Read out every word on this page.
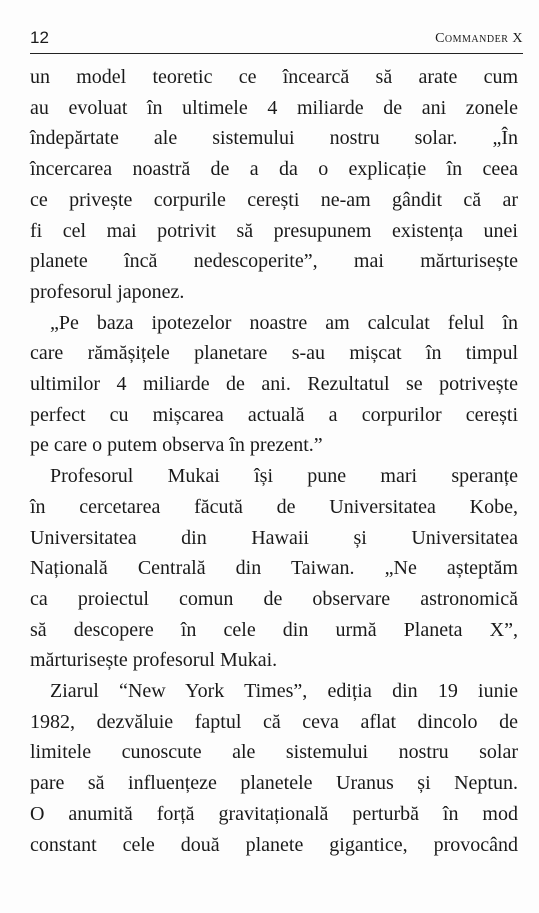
12	Commander X

un model teoretic ce încearcă să arate cum
au evoluat în ultimele 4 miliarde de ani zonele
îndepărtate ale sistemului nostru solar. „În
încercarea noastră de a da o explicație în ceea
ce privește corpurile cerești ne-am gândit că ar
fi cel mai potrivit să presupunem existența unei
planete încă nedescoperite”, mai mărturisește
profesorul japonez.

„Pe baza ipotezelor noastre am calculat felul în
care rămășițele planetare s-au mișcat în timpul
ultimilor 4 miliarde de ani. Rezultatul se potrivește
perfect cu mișcarea actuală a corpurilor cerești
pe care o putem observa în prezent.”

Profesorul Mukai își pune mari speranțe
în cercetarea făcută de Universitatea Kobe,
Universitatea din Hawaii și Universitatea
Națională Centrală din Taiwan. „Ne așteptăm
ca proiectul comun de observare astronomică
să descopere în cele din urmă Planeta X”,
mărturisește profesorul Mukai.

Ziarul “New York Times”, ediția din 19 iunie
1982, dezvăluie faptul că ceva aflat dincolo de
limitele cunoscute ale sistemului nostru solar
pare să influențeze planetele Uranus și Neptun.
O anumită forță gravitațională perturbă în mod
constant cele două planete gigantice, provocând
